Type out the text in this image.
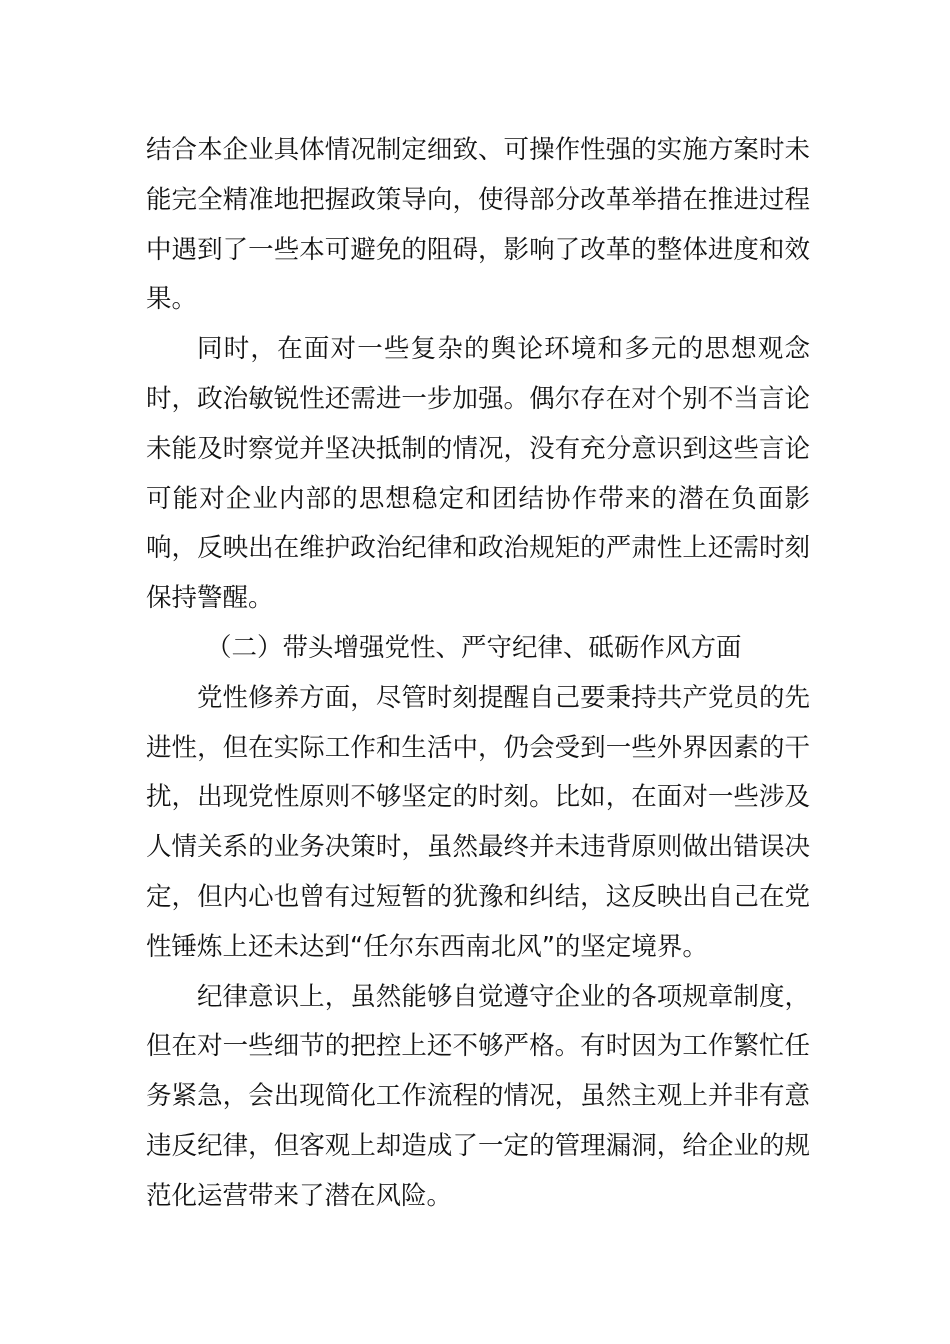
结合本企业具体情况制定细致、可操作性强的实施方案时未能完全精准地把握政策导向，使得部分改革举措在推进过程中遇到了一些本可避免的阻碍，影响了改革的整体进度和效果。

同时，在面对一些复杂的舆论环境和多元的思想观念时，政治敏锐性还需进一步加强。偶尔存在对个别不当言论未能及时察觉并坚决抵制的情况，没有充分意识到这些言论可能对企业内部的思想稳定和团结协作带来的潜在负面影响，反映出在维护政治纪律和政治规矩的严肃性上还需时刻保持警醒。

（二）带头增强党性、严守纪律、砥砺作风方面

党性修养方面，尽管时刻提醒自己要秉持共产党员的先进性，但在实际工作和生活中，仍会受到一些外界因素的干扰，出现党性原则不够坚定的时刻。比如，在面对一些涉及人情关系的业务决策时，虽然最终并未违背原则做出错误决定，但内心也曾有过短暂的犹豫和纠结，这反映出自己在党性锤炼上还未达到“任尔东西南北风”的坚定境界。

纪律意识上，虽然能够自觉遵守企业的各项规章制度，但在对一些细节的把控上还不够严格。有时因为工作繁忙任务紧急，会出现简化工作流程的情况，虽然主观上并非有意违反纪律，但客观上却造成了一定的管理漏洞，给企业的规范化运营带来了潜在风险。
